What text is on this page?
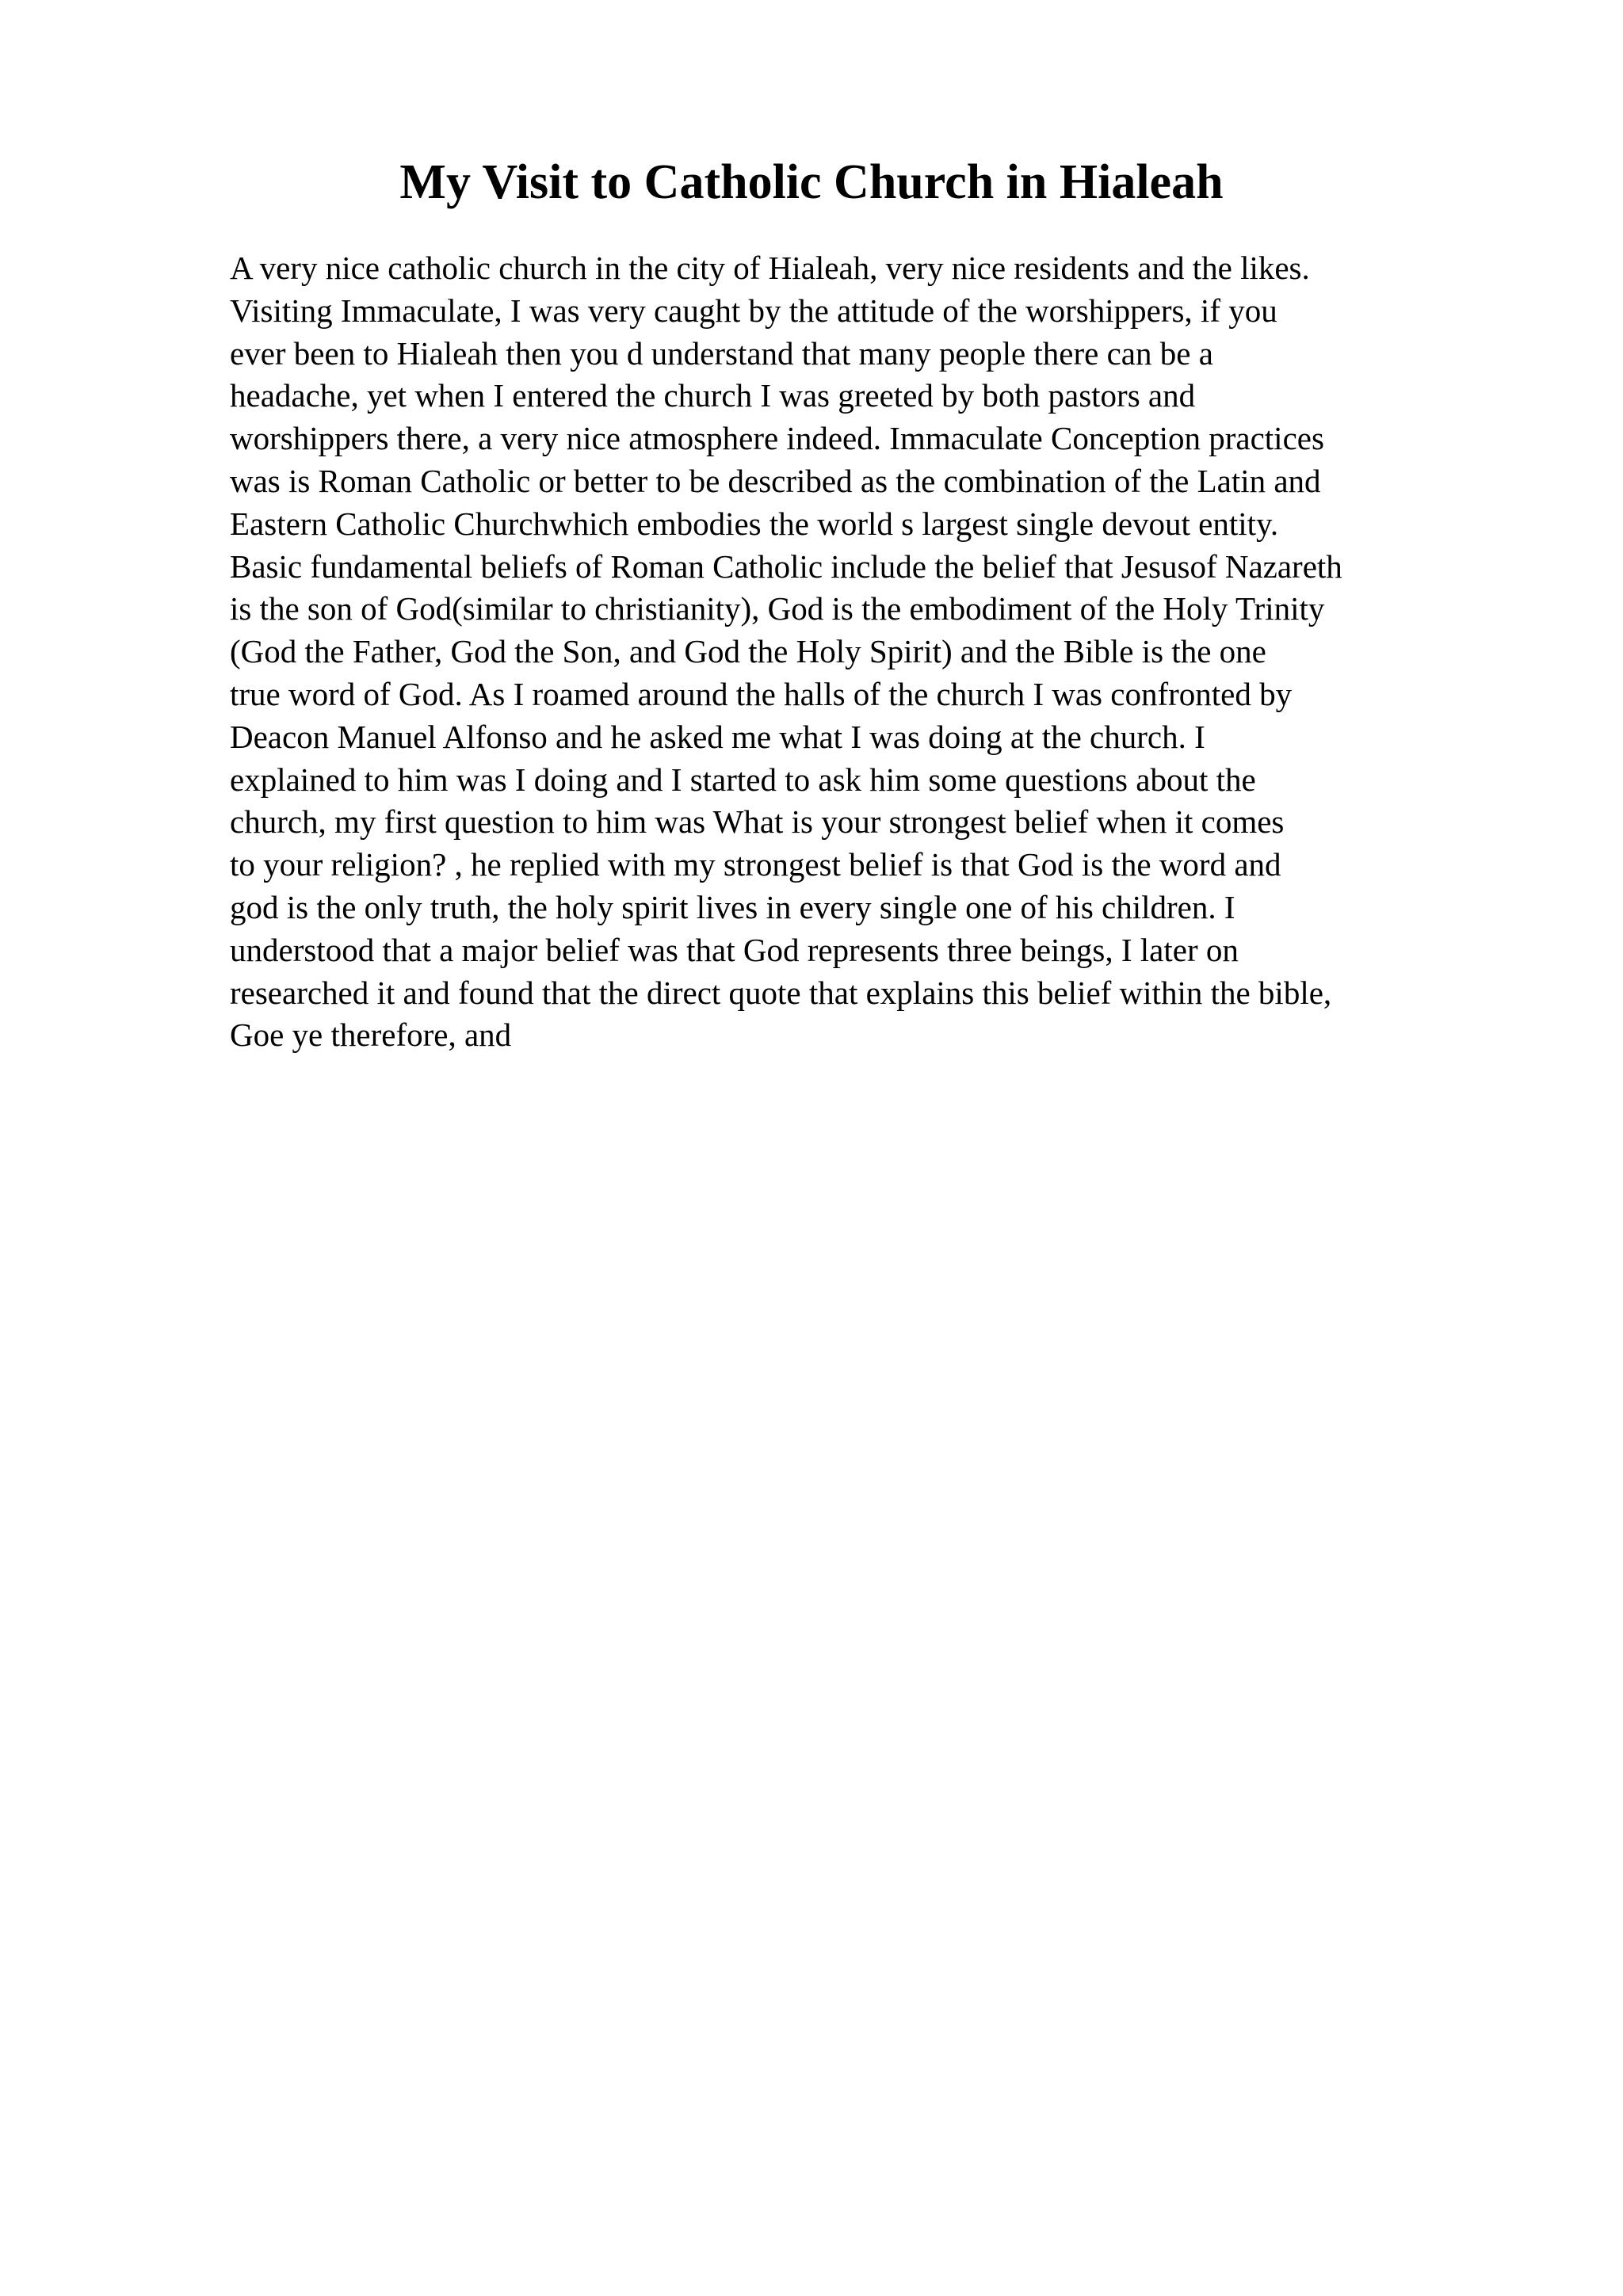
My Visit to Catholic Church in Hialeah
A very nice catholic church in the city of Hialeah, very nice residents and the likes.
Visiting Immaculate, I was very caught by the attitude of the worshippers, if you
ever been to Hialeah then you d understand that many people there can be a
headache, yet when I entered the church I was greeted by both pastors and
worshippers there, a very nice atmosphere indeed. Immaculate Conception practices
was is Roman Catholic or better to be described as the combination of the Latin and
Eastern Catholic Churchwhich embodies the world s largest single devout entity.
Basic fundamental beliefs of Roman Catholic include the belief that Jesusof Nazareth
is the son of God(similar to christianity), God is the embodiment of the Holy Trinity
(God the Father, God the Son, and God the Holy Spirit) and the Bible is the one
true word of God. As I roamed around the halls of the church I was confronted by
Deacon Manuel Alfonso and he asked me what I was doing at the church. I
explained to him was I doing and I started to ask him some questions about the
church, my first question to him was What is your strongest belief when it comes
to your religion? , he replied with my strongest belief is that God is the word and
god is the only truth, the holy spirit lives in every single one of his children. I
understood that a major belief was that God represents three beings, I later on
researched it and found that the direct quote that explains this belief within the bible,
Goe ye therefore, and
